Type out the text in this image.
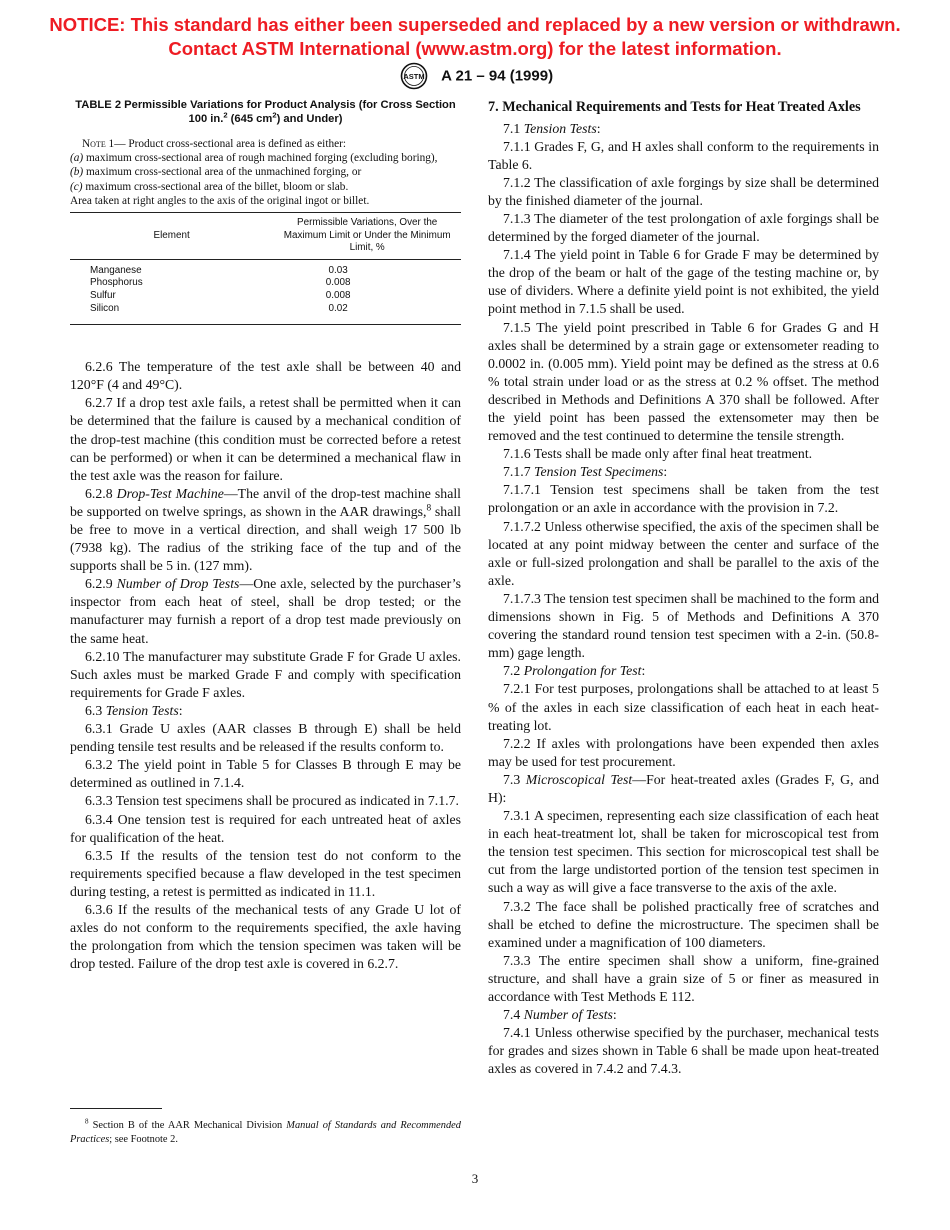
NOTICE: This standard has either been superseded and replaced by a new version or withdrawn.
Contact ASTM International (www.astm.org) for the latest information.
ASTM A 21 – 94 (1999)
TABLE 2 Permissible Variations for Product Analysis (for Cross Section 100 in.$^2$ (645 $cm^2$) and Under)
Note 1— Product cross-sectional area is defined as either:
(a) maximum cross-sectional area of rough machined forging (excluding boring),
(b) maximum cross-sectional area of the unmachined forging, or
(c) maximum cross-sectional area of the billet, bloom or slab.
Area taken at right angles to the axis of the original ingot or billet.
Element	Permissible Variations, Over the Maximum Limit or Under the Minimum Limit, %
Manganese	0.03
Phosphorus	0.008
Sulfur	0.008
Silicon	0.02

6.2.6 The temperature of the test axle shall be between 40 and 120°F (4 and 49°C).

6.2.7 If a drop test axle fails, a retest shall be permitted when it can be determined that the failure is caused by a mechanical condition of the drop-test machine (this condition must be corrected before a retest can be performed) or when it can be determined a mechanical flaw in the test axle was the reason for failure.

6.2.8 Drop-Test Machine—The anvil of the drop-test machine shall be supported on twelve springs, as shown in the AAR drawings,$^8$ shall be free to move in a vertical direction, and shall weigh 17 500 lb (7938 kg). The radius of the striking face of the tup and of the supports shall be 5 in. (127 mm).

6.2.9 Number of Drop Tests—One axle, selected by the purchaser’s inspector from each heat of steel, shall be drop tested; or the manufacturer may furnish a report of a drop test made previously on the same heat.

6.2.10 The manufacturer may substitute Grade F for Grade U axles. Such axles must be marked Grade F and comply with specification requirements for Grade F axles.

6.3 Tension Tests:

6.3.1 Grade U axles (AAR classes B through E) shall be held pending tensile test results and be released if the results conform to.

6.3.2 The yield point in Table 5 for Classes B through E may be determined as outlined in 7.1.4.

6.3.3 Tension test specimens shall be procured as indicated in 7.1.7.

6.3.4 One tension test is required for each untreated heat of axles for qualification of the heat.

6.3.5 If the results of the tension test do not conform to the requirements specified because a flaw developed in the test specimen during testing, a retest is permitted as indicated in 11.1.

6.3.6 If the results of the mechanical tests of any Grade U lot of axles do not conform to the requirements specified, the axle having the prolongation from which the tension specimen was taken will be drop tested. Failure of the drop test axle is covered in 6.2.7.

$^8$ Section B of the AAR Mechanical Division Manual of Standards and Recommended Practices; see Footnote 2.
7. Mechanical Requirements and Tests for Heat Treated Axles

7.1 Tension Tests:

7.1.1 Grades F, G, and H axles shall conform to the requirements in Table 6.

7.1.2 The classification of axle forgings by size shall be determined by the finished diameter of the journal.

7.1.3 The diameter of the test prolongation of axle forgings shall be determined by the forged diameter of the journal.

7.1.4 The yield point in Table 6 for Grade F may be determined by the drop of the beam or halt of the gage of the testing machine or, by use of dividers. Where a definite yield point is not exhibited, the yield point method in 7.1.5 shall be used.

7.1.5 The yield point prescribed in Table 6 for Grades G and H axles shall be determined by a strain gage or extensometer reading to 0.0002 in. (0.005 mm). Yield point may be defined as the stress at 0.6 % total strain under load or as the stress at 0.2 % offset. The method described in Methods and Definitions A 370 shall be followed. After the yield point has been passed the extensometer may then be removed and the test continued to determine the tensile strength.

7.1.6 Tests shall be made only after final heat treatment.

7.1.7 Tension Test Specimens:

7.1.7.1 Tension test specimens shall be taken from the test prolongation or an axle in accordance with the provision in 7.2.

7.1.7.2 Unless otherwise specified, the axis of the specimen shall be located at any point midway between the center and surface of the axle or full-sized prolongation and shall be parallel to the axis of the axle.

7.1.7.3 The tension test specimen shall be machined to the form and dimensions shown in Fig. 5 of Methods and Definitions A 370 covering the standard round tension test specimen with a 2-in. (50.8-mm) gage length.

7.2 Prolongation for Test:

7.2.1 For test purposes, prolongations shall be attached to at least 5 % of the axles in each size classification of each heat in each heat-treating lot.

7.2.2 If axles with prolongations have been expended then axles may be used for test procurement.

7.3 Microscopical Test—For heat-treated axles (Grades F, G, and H):

7.3.1 A specimen, representing each size classification of each heat in each heat-treatment lot, shall be taken for microscopical test from the tension test specimen. This section for microscopical test shall be cut from the large undistorted portion of the tension test specimen in such a way as will give a face transverse to the axis of the axle.

7.3.2 The face shall be polished practically free of scratches and shall be etched to define the microstructure. The specimen shall be examined under a magnification of 100 diameters.

7.3.3 The entire specimen shall show a uniform, fine-grained structure, and shall have a grain size of 5 or finer as measured in accordance with Test Methods E 112.

7.4 Number of Tests:

7.4.1 Unless otherwise specified by the purchaser, mechanical tests for grades and sizes shown in Table 6 shall be made upon heat-treated axles as covered in 7.4.2 and 7.4.3.

3
